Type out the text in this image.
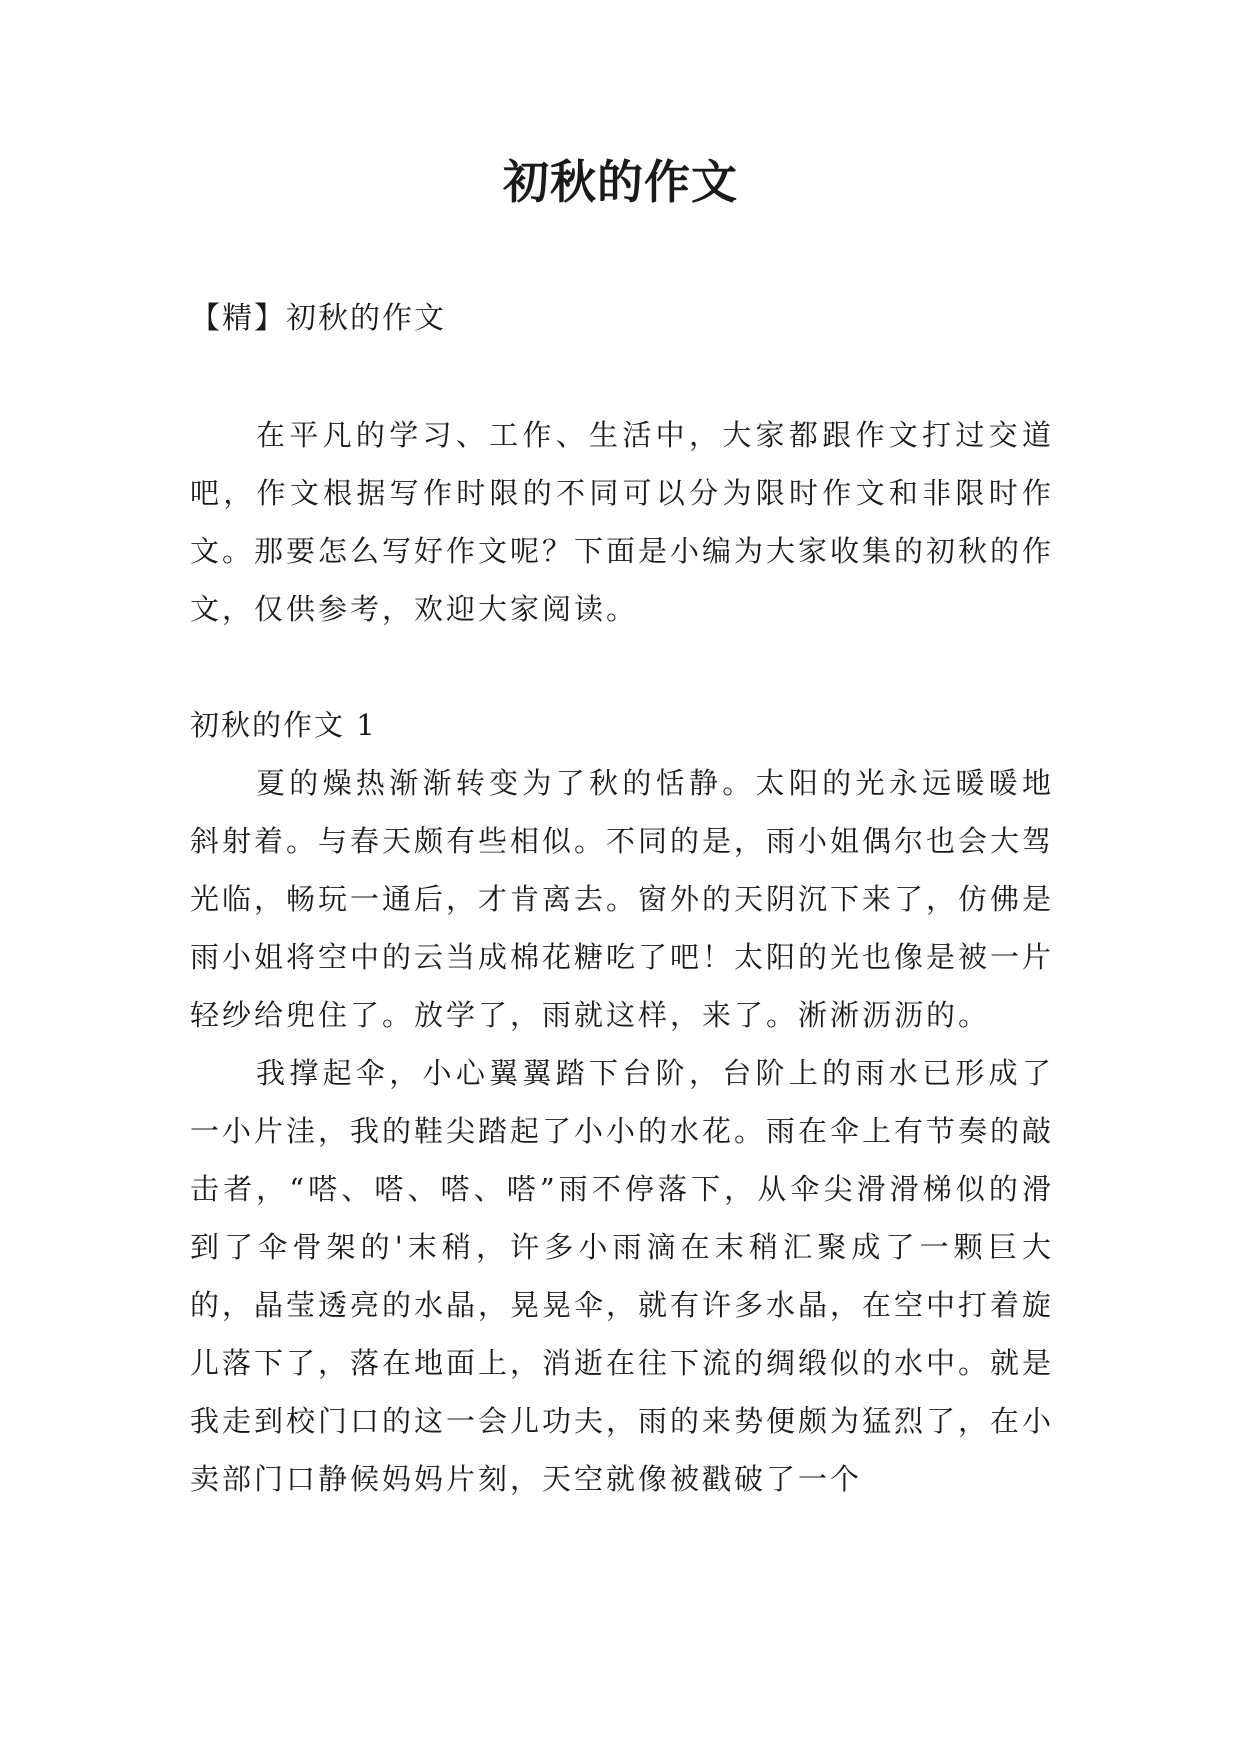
初秋的作文

【精】初秋的作文

在平凡的学习、工作、生活中，大家都跟作文打过交道吧，作文根据写作时限的不同可以分为限时作文和非限时作文。那要怎么写好作文呢？下面是小编为大家收集的初秋的作文，仅供参考，欢迎大家阅读。

初秋的作文 1

夏的燥热渐渐转变为了秋的恬静。太阳的光永远暖暖地斜射着。与春天颇有些相似。不同的是，雨小姐偶尔也会大驾光临，畅玩一通后，才肯离去。窗外的天阴沉下来了，仿佛是雨小姐将空中的云当成棉花糖吃了吧！太阳的光也像是被一片轻纱给兜住了。放学了，雨就这样，来了。淅淅沥沥的。

我撑起伞，小心翼翼踏下台阶，台阶上的雨水已形成了一小片洼，我的鞋尖踏起了小小的水花。雨在伞上有节奏的敲击者，“嗒、嗒、嗒、嗒”雨不停落下，从伞尖滑滑梯似的滑到了伞骨架的'末稍，许多小雨滴在末稍汇聚成了一颗巨大的，晶莹透亮的水晶，晃晃伞，就有许多水晶，在空中打着旋儿落下了，落在地面上，消逝在往下流的绸缎似的水中。就是我走到校门口的这一会儿功夫，雨的来势便颇为猛烈了，在小卖部门口静候妈妈片刻，天空就像被戳破了一个
